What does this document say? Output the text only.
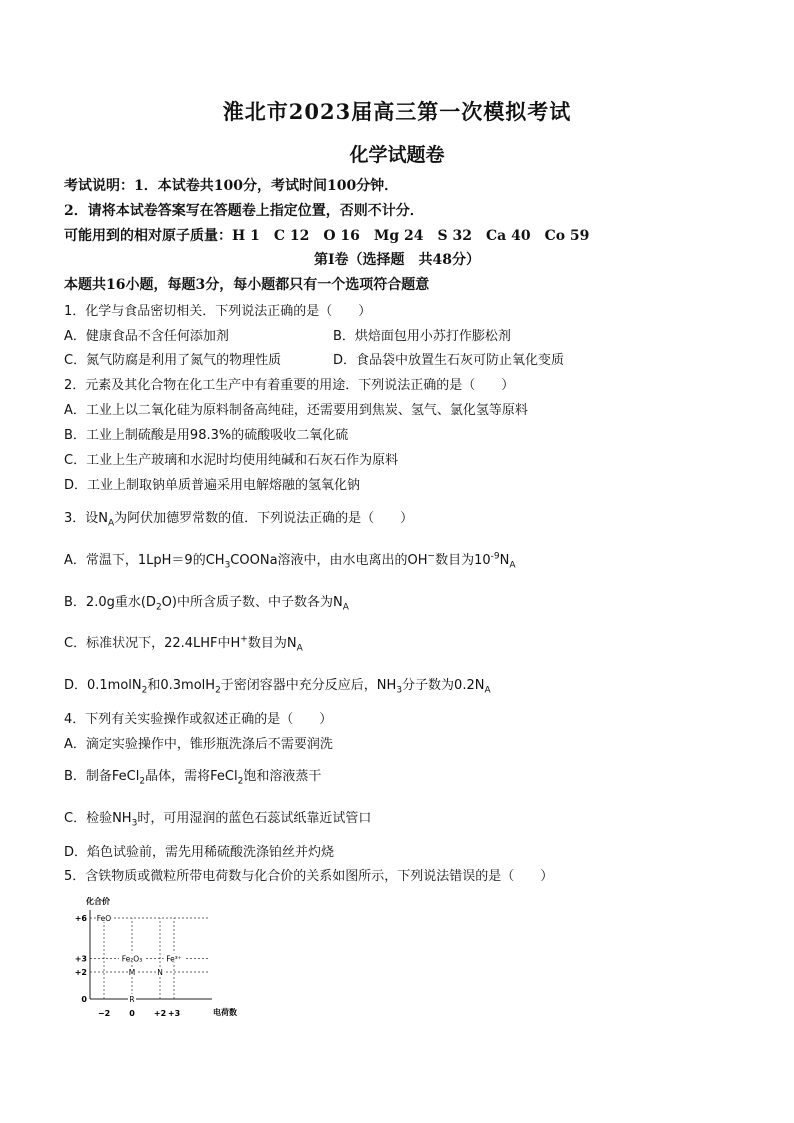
淮北市2023届高三第一次模拟考试
化学试题卷
考试说明：1．本试卷共100分，考试时间100分钟．
2．请将本试卷答案写在答题卷上指定位置，否则不计分．
可能用到的相对原子质量：H 1　C 12　O 16　Mg 24　S 32　Ca 40　Co 59
第Ⅰ卷（选择题　共48分）
本题共16小题，每题3分，每小题都只有一个选项符合题意
1．化学与食品密切相关．下列说法正确的是（　　）
A．健康食品不含任何添加剂	B．烘焙面包用小苏打作膨松剂
C．氮气防腐是利用了氮气的物理性质	D．食品袋中放置生石灰可防止氧化变质
2．元素及其化合物在化工生产中有着重要的用途．下列说法正确的是（　　）
A．工业上以二氧化硅为原料制备高纯硅，还需要用到焦炭、氢气、氯化氢等原料
B．工业上制硫酸是用98.3%的硫酸吸收二氧化硫
C．工业上生产玻璃和水泥时均使用纯碱和石灰石作为原料
D．工业上制取钠单质普遍采用电解熔融的氢氧化钠
3．设$N_A$为阿伏加德罗常数的值．下列说法正确的是（　　）
A．常温下，1LpH＝9的$CH_3COONa$溶液中，由水电离出的OH−数目为$10^{-9}N_A$
B．2.0g重水$(D_2O)$中所含质子数、中子数各为$N_A$
C．标准状况下，22.4LHF中H+数目为$N_A$
D．0.1molN$_2$和0.3molH$_2$于密闭容器中充分反应后，$NH_3$分子数为$0.2N_A$
4．下列有关实验操作或叙述正确的是（　　）
A．滴定实验操作中，锥形瓶洗涤后不需要润洗
B．制备FeCl$_2$晶体，需将FeCl$_2$饱和溶液蒸干
C．检验$NH_3$时，可用湿润的蓝色石蕊试纸靠近试管口
D．焰色试验前，需先用稀硫酸洗涤铂丝并灼烧
5．含铁物质或微粒所带电荷数与化合价的关系如图所示，下列说法错误的是（　　）
化合价
电荷数
+6
+3
+2
0
−2 0 +2 +3
FeO
Fe₂O₃
M
R
Fe³⁺
N
